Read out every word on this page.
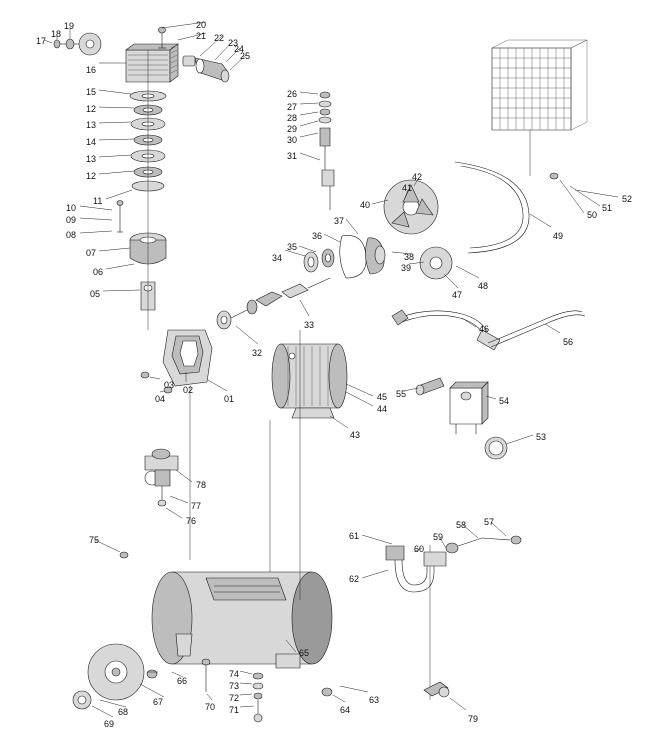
17
18
19	20
21 22 23
24
25
16
15
12
13
14
13
12
11
10
09
08
07
06
05
26
27
28
29
30
31
42
41
40
37
36
35
34	38
39
47
48
49
50
51
52
46
56
33
32
03
04
02
01	45 55
44
43
54
53
78
77
76
75	61
60
59
58 57
62
65
66
67
68
69
70
74
73
72
71	64
63
79
